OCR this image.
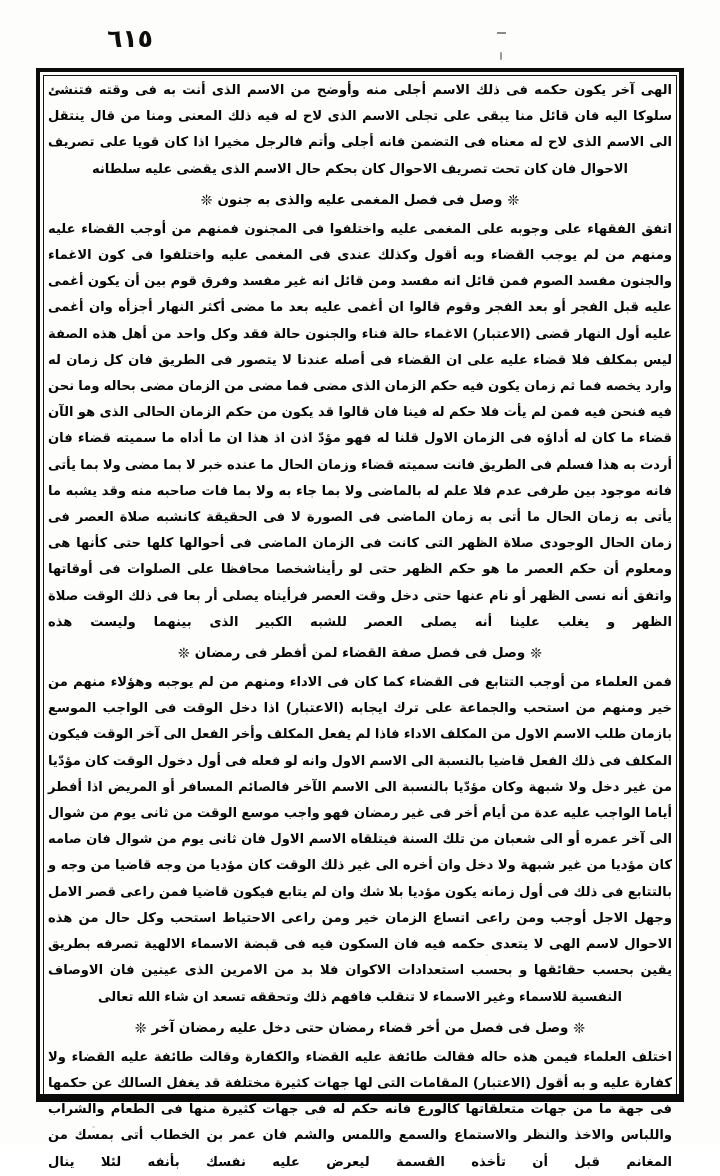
٦١٥

الهى آخر يكون حكمه فى ذلك الاسم أجلى منه وأوضح من الاسم الذى أنت به فى وقته فتنشئ سلوكا اليه فان قائل منا يبقى على تجلى الاسم الذى لاح له فيه ذلك المعنى ومنا من قال ينتقل الى الاسم الذى لاح له معناه فى التضمن فانه أجلى وأتم فالرجل مخيرا اذا كان قويا على تصريف الاحوال فان كان تحت تصريف الاحوال كان بحكم حال الاسم الذى يقضى عليه سلطانه

❊وصل فى فصل المغمى عليه والذى به جنون❊

اتفق الفقهاء على وجوبه على المغمى عليه واختلفوا فى المجنون فمنهم من أوجب القضاء عليه ومنهم من لم يوجب القضاء وبه أقول وكذلك عندى فى المغمى عليه واختلفوا فى كون الاغماء والجنون مفسد الصوم فمن قائل انه مفسد ومن قائل انه غير مفسد وفرق قوم بين أن يكون أغمى عليه قبل الفجر أو بعد الفجر وقوم قالوا ان أغمى عليه بعد ما مضى أكثر النهار أجزأه وان أغمى عليه أول النهار قضى (الاعتبار) الاغماء حالة فناء والجنون حالة فقد وكل واحد من أهل هذه الصفة ليس بمكلف فلا قضاء عليه على ان القضاء فى أصله عندنا لا يتصور فى الطريق فان كل زمان له وارد يخصه فما ثم زمان يكون فيه حكم الزمان الذى مضى فما مضى من الزمان مضى بحاله وما نحن فيه فنحن فيه فمن لم يأت فلا حكم له فينا فان قالوا قد يكون من حكم الزمان الحالى الذى هو الآن قضاء ما كان له أداؤه فى الزمان الاول قلنا له فهو مؤدّ اذن اذ هذا ان ما أداه ما سميته قضاء فان أردت به هذا فسلم فى الطريق فانت سميته قضاء وزمان الحال ما عنده خبر لا بما مضى ولا بما يأتى فانه موجود بين طرفى عدم فلا علم له بالماضى ولا بما جاء به ولا بما فات صاحبه منه وقد يشبه ما يأتى به زمان الحال ما أتى به زمان الماضى فى الصورة لا فى الحقيقة كانشبه صلاة العصر فى زمان الحال الوجودى صلاة الظهر التى كانت فى الزمان الماضى فى أحوالها كلها حتى كأنها هى ومعلوم أن حكم العصر ما هو حكم الظهر حتى لو رأيناشخصا محافظا على الصلوات فى أوقاتها واتفق أنه نسى الظهر أو نام عنها حتى دخل وقت العصر فرأيناه يصلى أر بعا فى ذلك الوقت صلاة الظهر و يغلب علينا أنه يصلى العصر للشبه الكبير الذى بينهما وليست هذه

❊وصل فى فصل صفة القضاء لمن أفطر فى رمضان❊

فمن العلماء من أوجب التتابع فى القضاء كما كان فى الاداء ومنهم من لم يوجبه وهؤلاء منهم من خير ومنهم من استحب والجماعة على ترك ايجابه (الاعتبار) اذا دخل الوقت فى الواجب الموسع بازمان طلب الاسم الاول من المكلف الاداء فاذا لم يفعل المكلف وأخر الفعل الى آخر الوقت فيكون المكلف فى ذلك الفعل قاضيا بالنسبة الى الاسم الاول وانه لو فعله فى أول دخول الوقت كان مؤدّيا من غير دخل ولا شبهة وكان مؤدّيا بالنسبة الى الاسم الآخر فالصائم المسافر أو المريض اذا أفطر أياما الواجب عليه عدة من أيام أخر فى غير رمضان فهو واجب موسع الوقت من ثانى يوم من شوال الى آخر عمره أو الى شعبان من تلك السنة فيتلقاه الاسم الاول فان ثانى يوم من شوال فان صامه كان مؤديا من غير شبهة ولا دخل وان أخره الى غير ذلك الوقت كان مؤديا من وجه قاضيا من وجه و بالتتابع فى ذلك فى أول زمانه يكون مؤديا بلا شك وان لم يتابع فيكون قاضيا فمن راعى قصر الامل وجهل الاجل أوجب ومن راعى اتساع الزمان خير ومن راعى الاحتياط استحب وكل حال من هذه الاحوال لاسم الهى لا يتعدى حكمه فيه فان السكون فيه فى قبضة الاسماء الالهية تصرفه بطريق يقين بحسب حقائقها و بحسب استعدادات الاكوان فلا بد من الامرين الذى عينين فان الاوصاف النفسية للاسماء وغير الاسماء لا تنقلب فافهم ذلك وتحققه تسعد ان شاء الله تعالى

❊وصل فى فصل من أخر قضاء رمضان حتى دخل عليه رمضان آخر❊

اختلف العلماء فيمن هذه حاله فقالت طائفة عليه القضاء والكفارة وقالت طائفة عليه القضاء ولا كفارة عليه و به أقول (الاعتبار) المقامات التى لها جهات كثيرة مختلفة قد يغفل السالك عن حكمها فى جهة ما من جهات متعلقاتها كالورع فانه حكم له فى جهات كثيرة منها فى الطعام والشراب واللباس والاخذ والنظر والاستماع والسمع واللمس والشم فان عمر بن الخطاب أتى بمسك من المغانم قبل أن تأخذه القسمة ليعرض عليه نفسك بأنفه لئلا ينال
